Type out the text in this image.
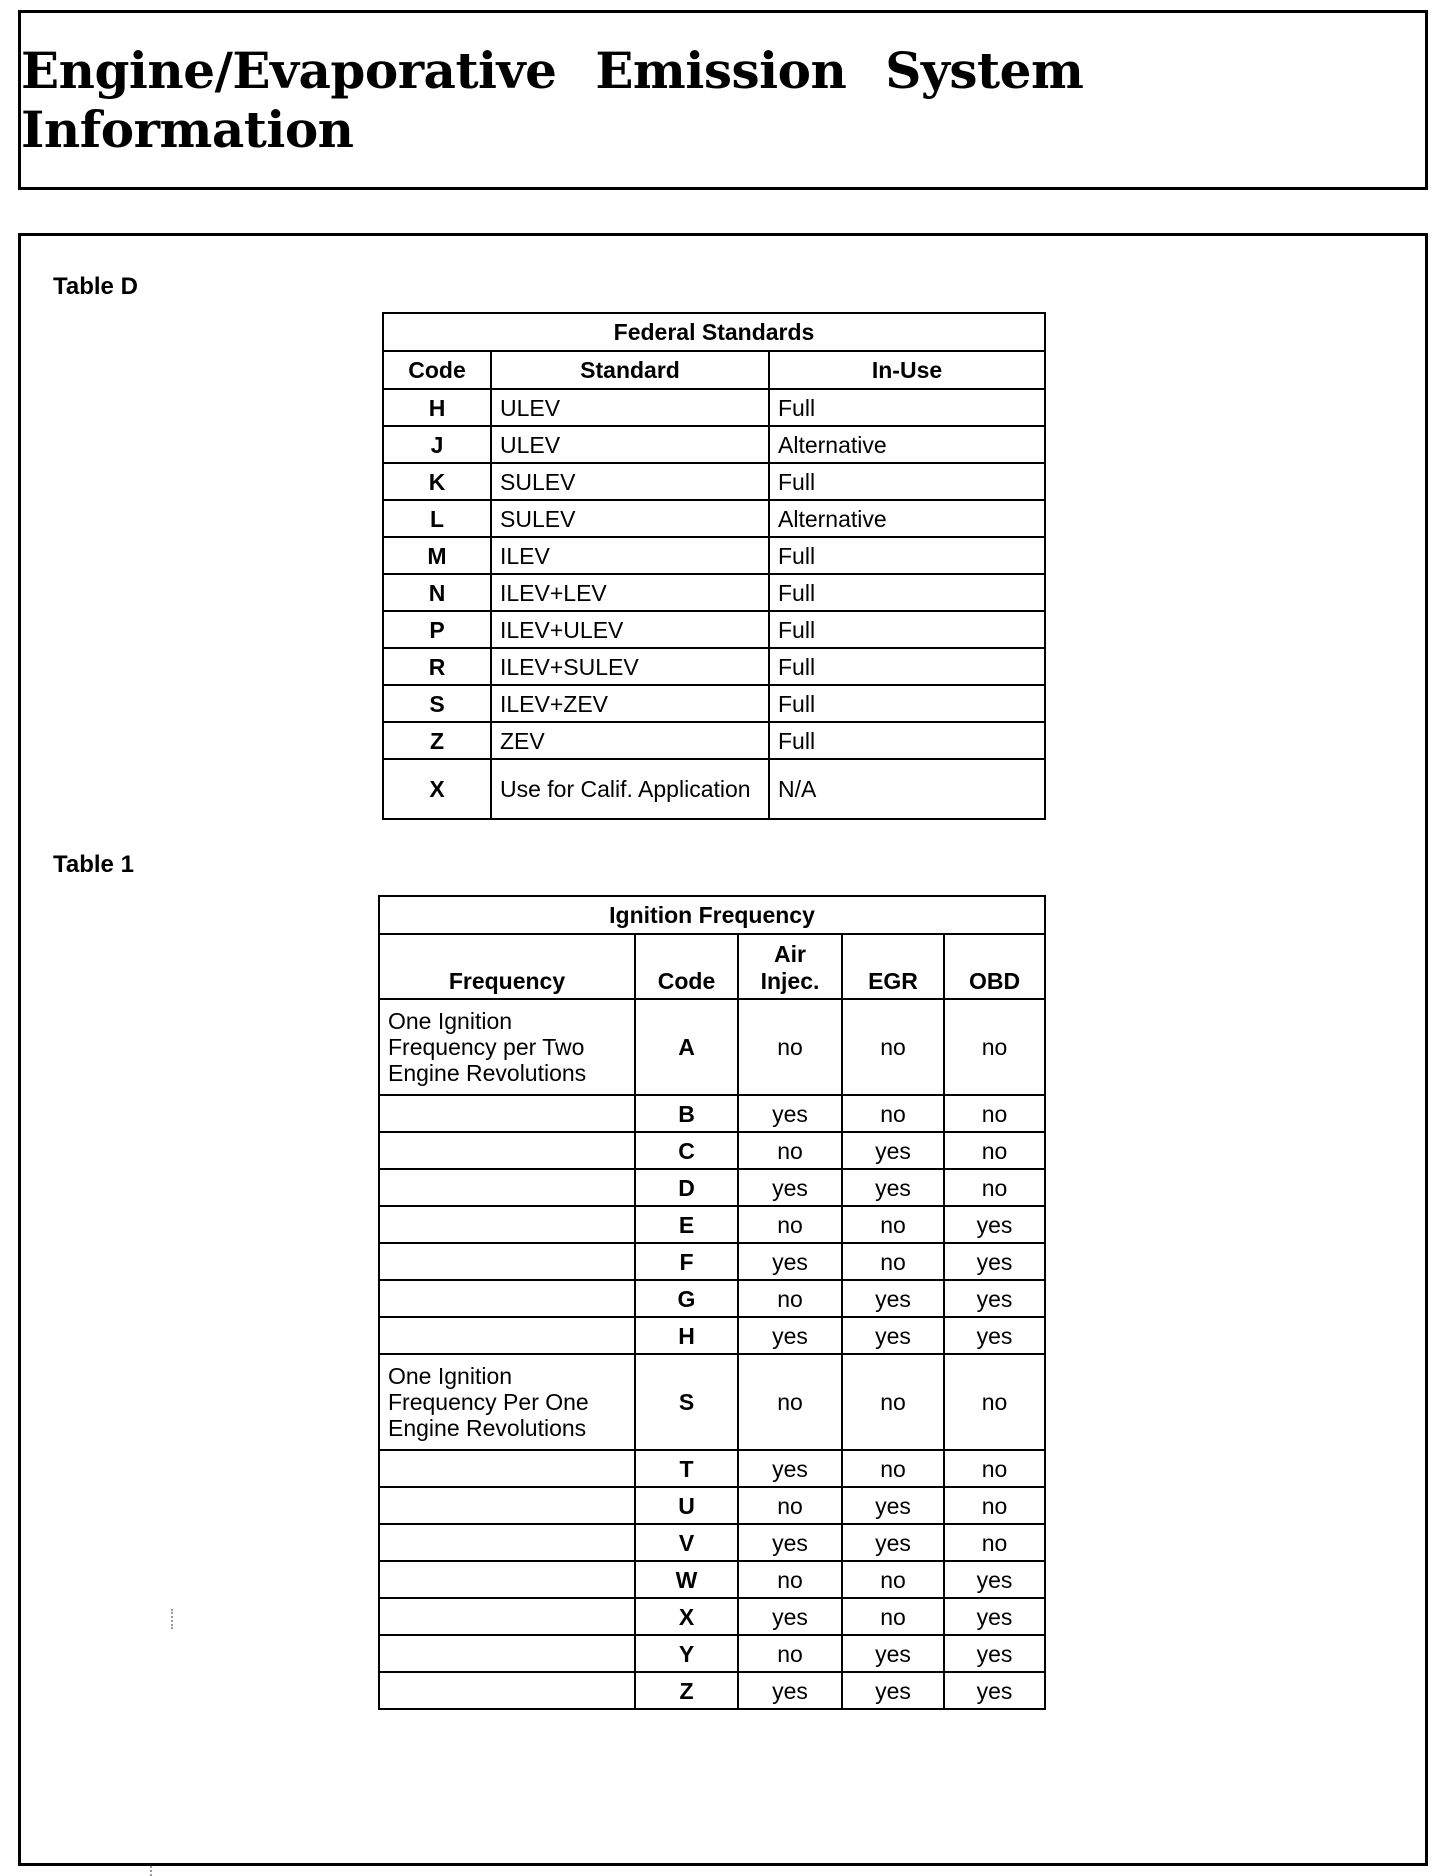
Engine/Evaporative Emission System Information

Table D

Federal Standards		
Code	Standard	In-Use
H	ULEV	Full
J	ULEV	Alternative
K	SULEV	Full
L	SULEV	Alternative
M	ILEV	Full
N	ILEV+LEV	Full
P	ILEV+ULEV	Full
R	ILEV+SULEV	Full
S	ILEV+ZEV	Full
Z	ZEV	Full
X	Use for Calif. Application	N/A

Table 1

Ignition Frequency				
Frequency	Code	Air Injec.	EGR	OBD
One Ignition Frequency per Two Engine Revolutions	A	no	no	no
	B	yes	no	no
	C	no	yes	no
	D	yes	yes	no
	E	no	no	yes
	F	yes	no	yes
	G	no	yes	yes
	H	yes	yes	yes
One Ignition Frequency Per One Engine Revolutions	S	no	no	no
	T	yes	no	no
	U	no	yes	no
	V	yes	yes	no
	W	no	no	yes
	X	yes	no	yes
	Y	no	yes	yes
	Z	yes	yes	yes
